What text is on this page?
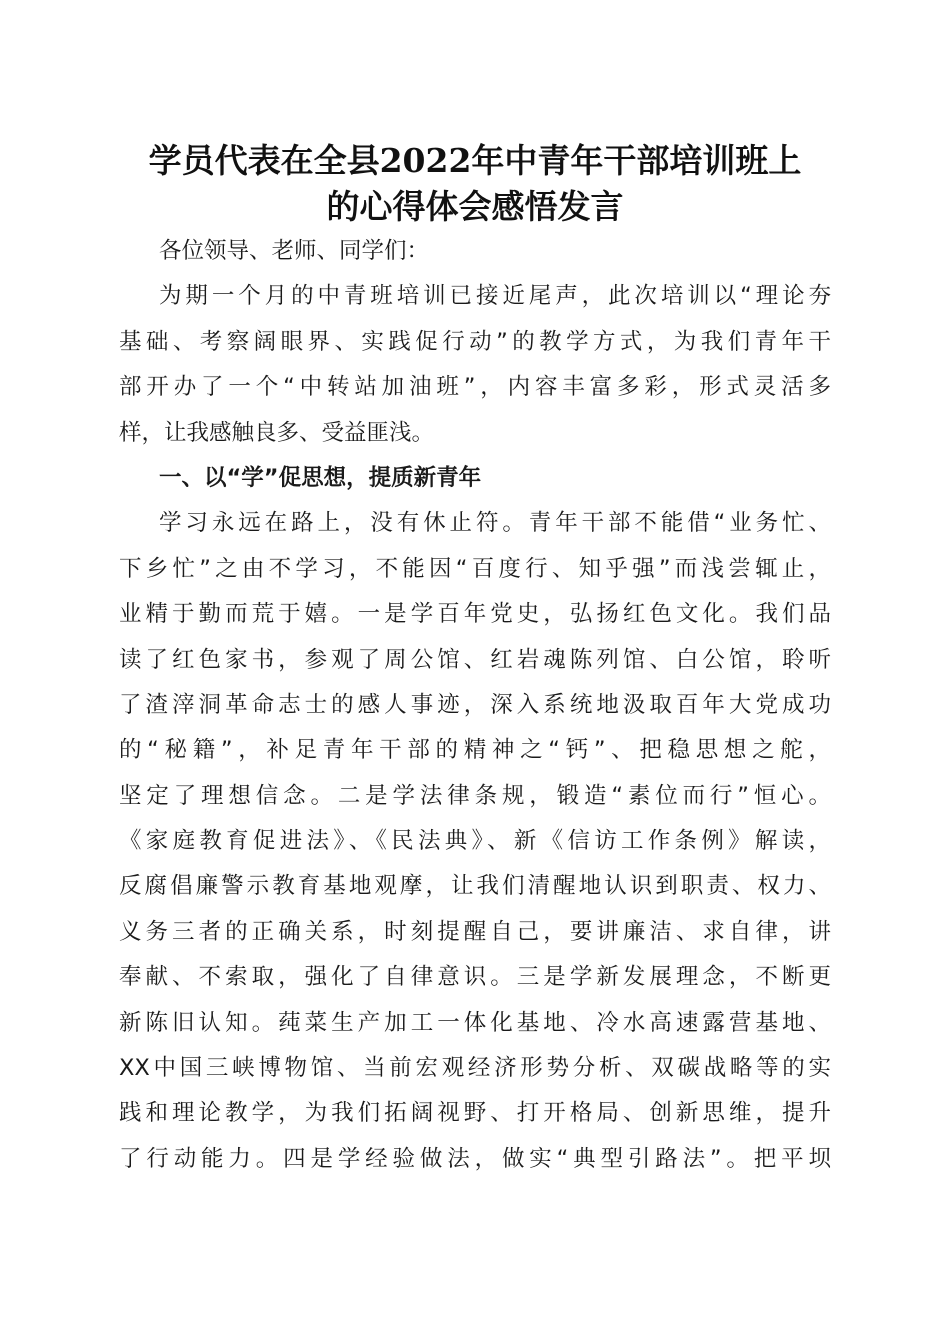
学员代表在全县2022年中青年干部培训班上
的心得体会感悟发言
各位领导、老师、同学们：
为期一个月的中青班培训已接近尾声，此次培训以“理论夯
基础、考察阔眼界、实践促行动”的教学方式，为我们青年干
部开办了一个“中转站加油班”，内容丰富多彩，形式灵活多
样，让我感触良多、受益匪浅。
一、以“学”促思想，提质新青年
学习永远在路上，没有休止符。青年干部不能借“业务忙、
下乡忙”之由不学习，不能因“百度行、知乎强”而浅尝辄止，
业精于勤而荒于嬉。一是学百年党史，弘扬红色文化。我们品
读了红色家书，参观了周公馆、红岩魂陈列馆、白公馆，聆听
了渣滓洞革命志士的感人事迹，深入系统地汲取百年大党成功
的“秘籍”，补足青年干部的精神之“钙”、把稳思想之舵，
坚定了理想信念。二是学法律条规，锻造“素位而行”恒心。
《家庭教育促进法》、《民法典》、新《信访工作条例》解读，
反腐倡廉警示教育基地观摩，让我们清醒地认识到职责、权力、
义务三者的正确关系，时刻提醒自己，要讲廉洁、求自律，讲
奉献、不索取，强化了自律意识。三是学新发展理念，不断更
新陈旧认知。莼菜生产加工一体化基地、冷水高速露营基地、
XX中国三峡博物馆、当前宏观经济形势分析、双碳战略等的实
践和理论教学，为我们拓阔视野、打开格局、创新思维，提升
了行动能力。四是学经验做法，做实“典型引路法”。把平坝
